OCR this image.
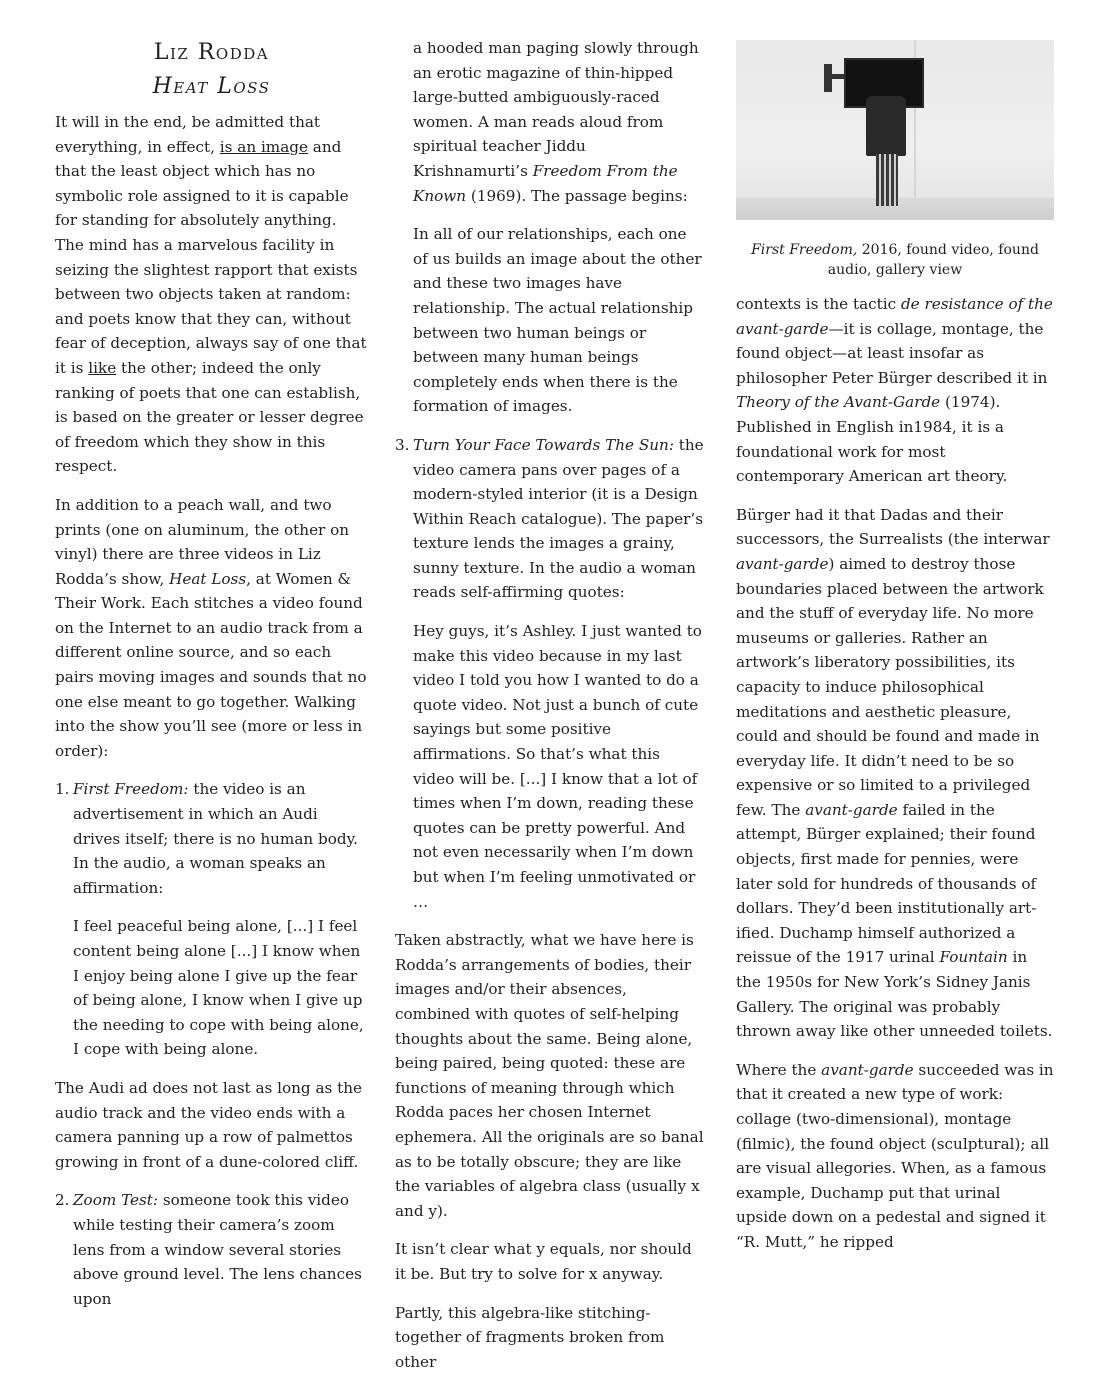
Liz Rodda
Heat Loss

It will in the end, be admitted that everything, in effect, is an image and that the least object which has no symbolic role assigned to it is capable for standing for absolutely anything. The mind has a marvelous facility in seizing the slightest rapport that exists between two objects taken at random: and poets know that they can, without fear of deception, always say of one that it is like the other; indeed the only ranking of poets that one can establish, is based on the greater or lesser degree of freedom which they show in this respect.

In addition to a peach wall, and two prints (one on aluminum, the other on vinyl) there are three videos in Liz Rodda’s show, Heat Loss, at Women & Their Work. Each stitches a video found on the Internet to an audio track from a different online source, and so each pairs moving images and sounds that no one else meant to go together. Walking into the show you’ll see (more or less in order):

1. First Freedom: the video is an advertisement in which an Audi drives itself; there is no human body. In the audio, a woman speaks an affirmation:

I feel peaceful being alone, [...] I feel content being alone [...] I know when I enjoy being alone I give up the fear of being alone, I know when I give up the needing to cope with being alone, I cope with being alone.

The Audi ad does not last as long as the audio track and the video ends with a camera panning up a row of palmettos growing in front of a dune-colored cliff.

2. Zoom Test: someone took this video while testing their camera’s zoom lens from a window several stories above ground level. The lens chances upon

a hooded man paging slowly through an erotic magazine of thin-hipped large-butted ambiguously-raced women. A man reads aloud from spiritual teacher Jiddu Krishnamurti’s Freedom From the Known (1969). The passage begins:

In all of our relationships, each one of us builds an image about the other and these two images have relationship. The actual relationship between two human beings or between many human beings completely ends when there is the formation of images.

3. Turn Your Face Towards The Sun: the video camera pans over pages of a modern-styled interior (it is a Design Within Reach catalogue). The paper’s texture lends the images a grainy, sunny texture. In the audio a woman reads self-affirming quotes:

Hey guys, it’s Ashley. I just wanted to make this video because in my last video I told you how I wanted to do a quote video. Not just a bunch of cute sayings but some positive affirmations. So that’s what this video will be. [...] I know that a lot of times when I’m down, reading these quotes can be pretty powerful. And not even necessarily when I’m down but when I’m feeling unmotivated or …

Taken abstractly, what we have here is Rodda’s arrangements of bodies, their images and/or their absences, combined with quotes of self-helping thoughts about the same. Being alone, being paired, being quoted: these are functions of meaning through which Rodda paces her chosen Internet ephemera. All the originals are so banal as to be totally obscure; they are like the variables of algebra class (usually x and y).

It isn’t clear what y equals, nor should it be. But try to solve for x anyway.

Partly, this algebra-like stitching-together of fragments broken from other

First Freedom, 2016, found video, found audio, gallery view

contexts is the tactic de resistance of the avant-garde—it is collage, montage, the found object—at least insofar as philosopher Peter Bürger described it in Theory of the Avant-Garde (1974). Published in English in1984, it is a foundational work for most contemporary American art theory.

Bürger had it that Dadas and their successors, the Surrealists (the interwar avant-garde) aimed to destroy those boundaries placed between the artwork and the stuff of everyday life. No more museums or galleries. Rather an artwork’s liberatory possibilities, its capacity to induce philosophical meditations and aesthetic pleasure, could and should be found and made in everyday life. It didn’t need to be so expensive or so limited to a privileged few. The avant-garde failed in the attempt, Bürger explained; their found objects, first made for pennies, were later sold for hundreds of thousands of dollars. They’d been institutionally art-ified. Duchamp himself authorized a reissue of the 1917 urinal Fountain in the 1950s for New York’s Sidney Janis Gallery. The original was probably thrown away like other unneeded toilets.

Where the avant-garde succeeded was in that it created a new type of work: collage (two-dimensional), montage (filmic), the found object (sculptural); all are visual allegories. When, as a famous example, Duchamp put that urinal upside down on a pedestal and signed it “R. Mutt,” he ripped
